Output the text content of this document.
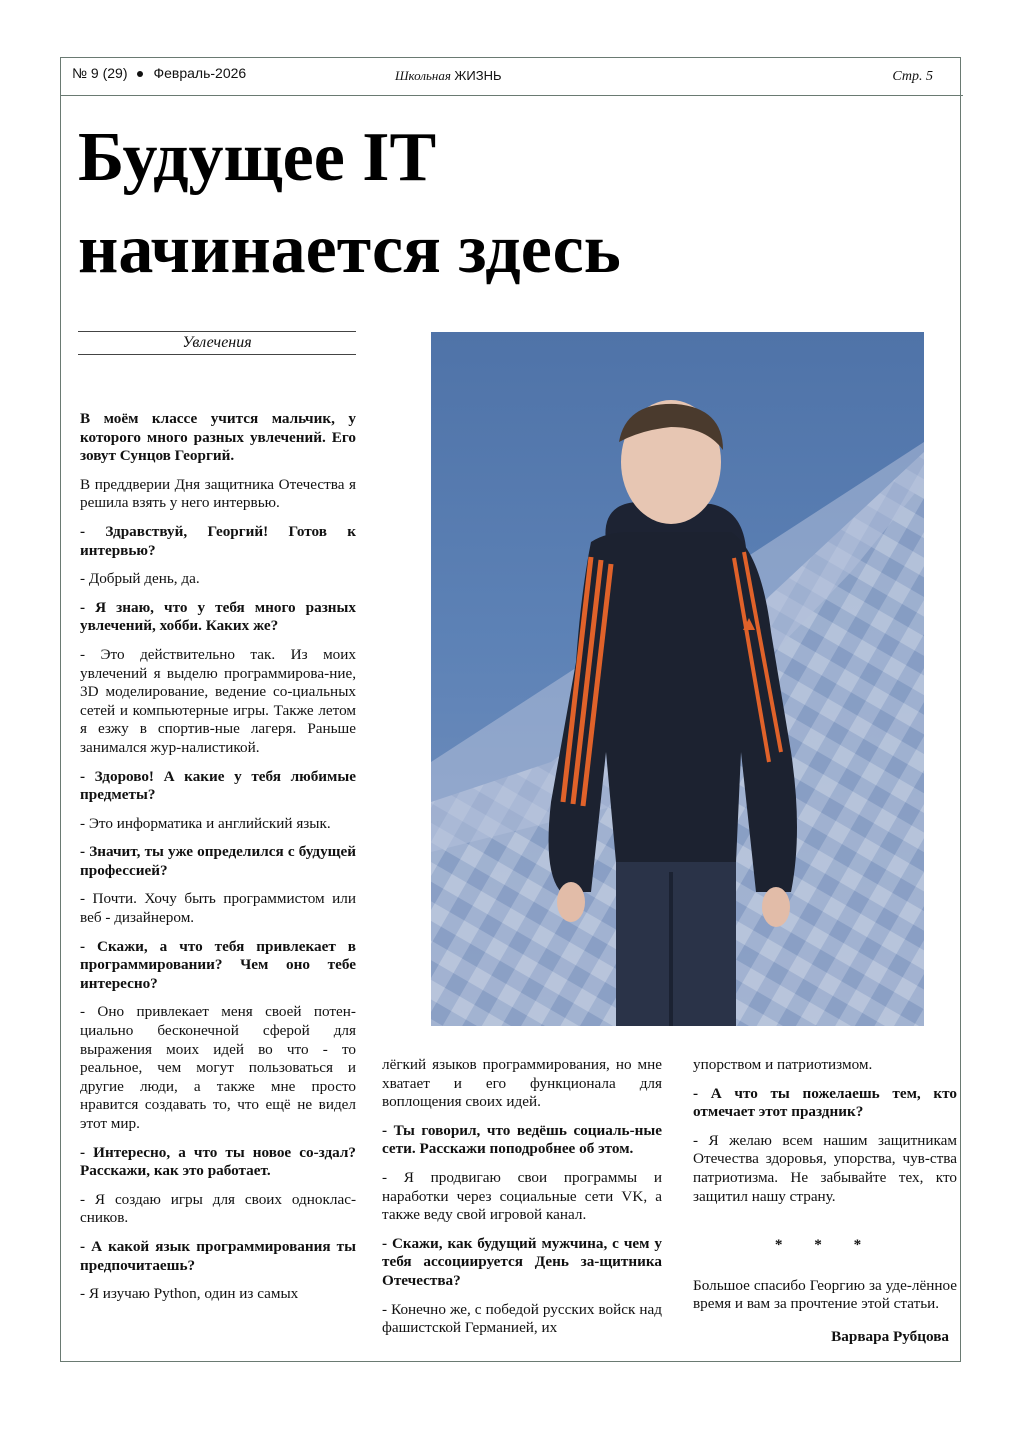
№ 9 (29) Февраль-2026	Школьная ЖИЗНЬ	Стр. 5
Будущее IT
начинается здесь
Увлечения

В моём классе учится мальчик, у которого много разных увлечений. Его зовут Сунцов Георгий.

В преддверии Дня защитника Отечества я решила взять у него интервью.

- Здравствуй, Георгий! Готов к интервью?

- Добрый день, да.

- Я знаю, что у тебя много разных увлечений, хобби. Каких же?

- Это действительно так. Из моих увлечений я выделю программирова-ние, 3D моделирование, ведение со-циальных сетей и компьютерные игры. Также летом я езжу в спортив-ные лагеря. Раньше занимался жур-налистикой.

- Здорово! А какие у тебя любимые предметы?

- Это информатика и английский язык.

- Значит, ты уже определился с будущей профессией?

- Почти. Хочу быть программистом или веб - дизайнером.

- Скажи, а что тебя привлекает в программировании? Чем оно тебе интересно?

- Оно привлекает меня своей потен-циально бесконечной сферой для выражения моих идей во что - то реальное, чем могут пользоваться и другие люди, а также мне просто нравится создавать то, что ещё не видел этот мир.

- Интересно, а что ты новое со-здал? Расскажи, как это работает.

- Я создаю игры для своих однoклас-сников.

- А какой язык программирования ты предпочитаешь?

- Я изучаю Python, один из самых

лёгкий языков программирования, но мне хватает и его функционала для воплощения своих идей.

- Ты говорил, что ведёшь социаль-ные сети. Расскажи поподробнее об этом.

- Я продвигаю свои программы и наработки через социальные сети VK, а также веду свой игровой канал.

- Скажи, как будущий мужчина, с чем у тебя ассоциируется День за-щитника Отечества?

- Конечно же, с победой русских войск над фашистской Германией, их

упорством и патриотизмом.

- А что ты пожелаешь тем, кто отмечает этот праздник?

- Я желаю всем нашим защитникам Отечества здоровья, упорства, чув-ства патриотизма. Не забывайте тех, кто защитил нашу страну.

* * *

Большое спасибо Георгию за уде-лённое время и вам за прочтение этой статьи.

Варвара Рубцова
